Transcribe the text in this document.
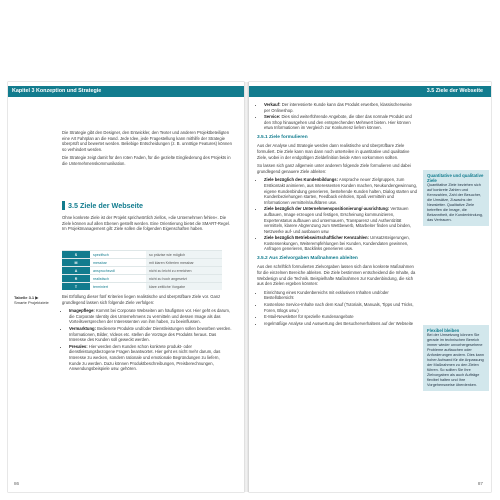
Kapitel 3 Konzeption und Strategie

Die Strategie gibt den Designer, den Entwickler, den Texter und anderen Projektbeteiligten eine Art Fahrplan an die Hand. Jede Idee, jede Fragestellung kann mithilfe der Strategie überprüft und bewertet werden. Beliebige Entscheidungen (z. B. unnötige Features) können so verhindert werden.

Die Strategie zeigt damit für den roten Faden, für die gezielte Eingliederung des Projekts in die Unternehmenskommunikation.

3.5 Ziele der Webseite
Ohne konkrete Ziele ist der Projekt sprichwörtlich ziellos, »die Unternehmen fehlen«. Die Ziele können auf allen Ebenen gestellt werden. Eine Orientierung bietet die SMART-Regel. Im Projektmanagement gilt: Ziele sollen die folgenden Eigenschaften haben.
S	spezifisch	so präzise wie möglich
M	messbar	mit klaren Kriterien messbar
A	anspruchsvoll	nicht zu leicht zu erreichen
R	realistisch	nicht zu hoch angesetzt
T	terminiert	klare zeitliche Vorgabe
Tabelle 3.1 ▶
Smarte Projektziele

Bei Erfüllung dieser fünf Kriterien liegen realistische und überprüfbare Ziele vor. Ganz grundlegend lassen sich folgende Ziele verfolgen:

• Imagepflege: Kommt bei Corporate Webseiten am häufigsten vor. Hier geht es darum, die Corporate Identity des Unternehmens zu vermitteln und dessen Image als das Vorteilsversprechen der Interessenten von ihm haben, zu beeinflussen.
• Vermarktung: Bedienete Produkte und/oder Dienstleistungen sollen beworben werden. Informationen, Bilder, Videos etc. stellen die Vorzüge des Produkts heraus. Das Interesse des Kunden soll geweckt werden.
• Presales: Hier werden dem Kunden schon konkrete produkt- oder dienstleistungsbezogene Fragen beantwortet. Hier geht es nicht mehr darum, das Interesse zu wecken, sondern rationale und emotionale Begründungen zu liefern, Kunde zu werden. Dazu können Produktbeschreibungen, Preisberechnungen, Anwendungsbeispiele usw. gehören.
86
3.5 Ziele der Webseite
• Verkauf: Der interessierte Kunde kann das Produkt erwerben, klassischerweise per Onlineshop.
• Service: Dies sind weiterführende Angebote, die über das normale Produkt und den Shop hinausgehen und den entsprechenden Mehrwert bieten. Hier können etwa Informationen im Vergleich zur Konkurrenz liefern können.
3.5.1 Ziele formulieren

Aus der Analyse und Strategie werden dann realistische und überprüfbare Ziele formuliert. Die Ziele kann man dann noch unterteilen in quantitative und qualitative Ziele, wobei in der endgültigen Zieldefinition beide Arten vorkommen sollten.

So lassen sich ganz allgemein unter anderem folgende Ziele formulieren und dabei grundlegend genauere Ziele ableiten:

• Ziele bezüglich des Kundenbildungs: Ansprache neuer Zielgruppen, zum Erstkontakt animieren, aus Interessenten Kunden machen, Neukundengewinnung, eigene Kundenbindung generieren, bestehende Kunden halten, Dialog starten und Kundenbeziehungen starten, Feedback einholen, Spaß vermitteln und Informationen vermitteln/aufklären usw.
• Ziele bezüglich der Unternehmenspositionierung/-ausrichtung: Vertrauen aufbauen, Image erzeugen und festigen, Erscheinung kommunizieren, Expertenstatus aufbauen und untermauern, Transparenz und Authentizität vermitteln, klarere Abgrenzung zum Wettbewerb, Mitarbeiter finden und binden, Netzwerke auf- und ausbauen usw.
• Ziele bezüglich Betriebswirtschaftlicher Kennzahlen: Umsatzsteigerungen, Kostensenkungen, Weiterempfehlungen bei Kunden, Kundendaten gewinnen, Anfragen generieren, Backlinks generieren usw.
3.5.2 Aus Zielvorgaben Maßnahmen ableiten

Aus den schriftlich formulierten Zielvorgaben lassen sich dann konkrete Maßnahmen für die einzelnen Bereiche ableiten. Die Ziele bestimmen entscheidend die Inhalte, da Webdesign und die Technik. Beispielhafte Maßnahmen zur Kundenbindung, die sich aus den Zielen ergeben könnten:

• Einrichtung eines Kundenbereichs mit exklusiven Inhalten und/oder Bestellübersicht
• Kostenlose Service-Inhalte nach dem Kauf (Tutorials, Manuals, Tipps und Tricks, Foren, Blogs usw.)
• E-Mail-Newsletter für spezielle Kundenangebote
• regelmäßige Analyse und Auswertung des Besucherverhaltens auf der Webseite
Quantitative und qualitative Ziele
Quantitative Ziele beziehen sich auf konkrete Zahlen und Kennzahlen, Zahl der Besucher, die Umsätze, Zuwachs der Newsletter. Qualitative Ziele betreffen die Image, die Bekanntheit, die Kundenbindung, das Vertrauen.
Flexibel bleiben
Bei der Umsetzung können Sie gerade im technischen Bereich immer wieder unvorhergesehene Probleme auftauchen oder Anforderungen andern. Dies kann hoher Aufwand für die Anpassung der Maßnahmen zu den Zielen führen. So sollten Sie Ihre Zielvorgaben als auch Aufträge flexibel halten und Ihre Vorgehensweise überdenken.
87
